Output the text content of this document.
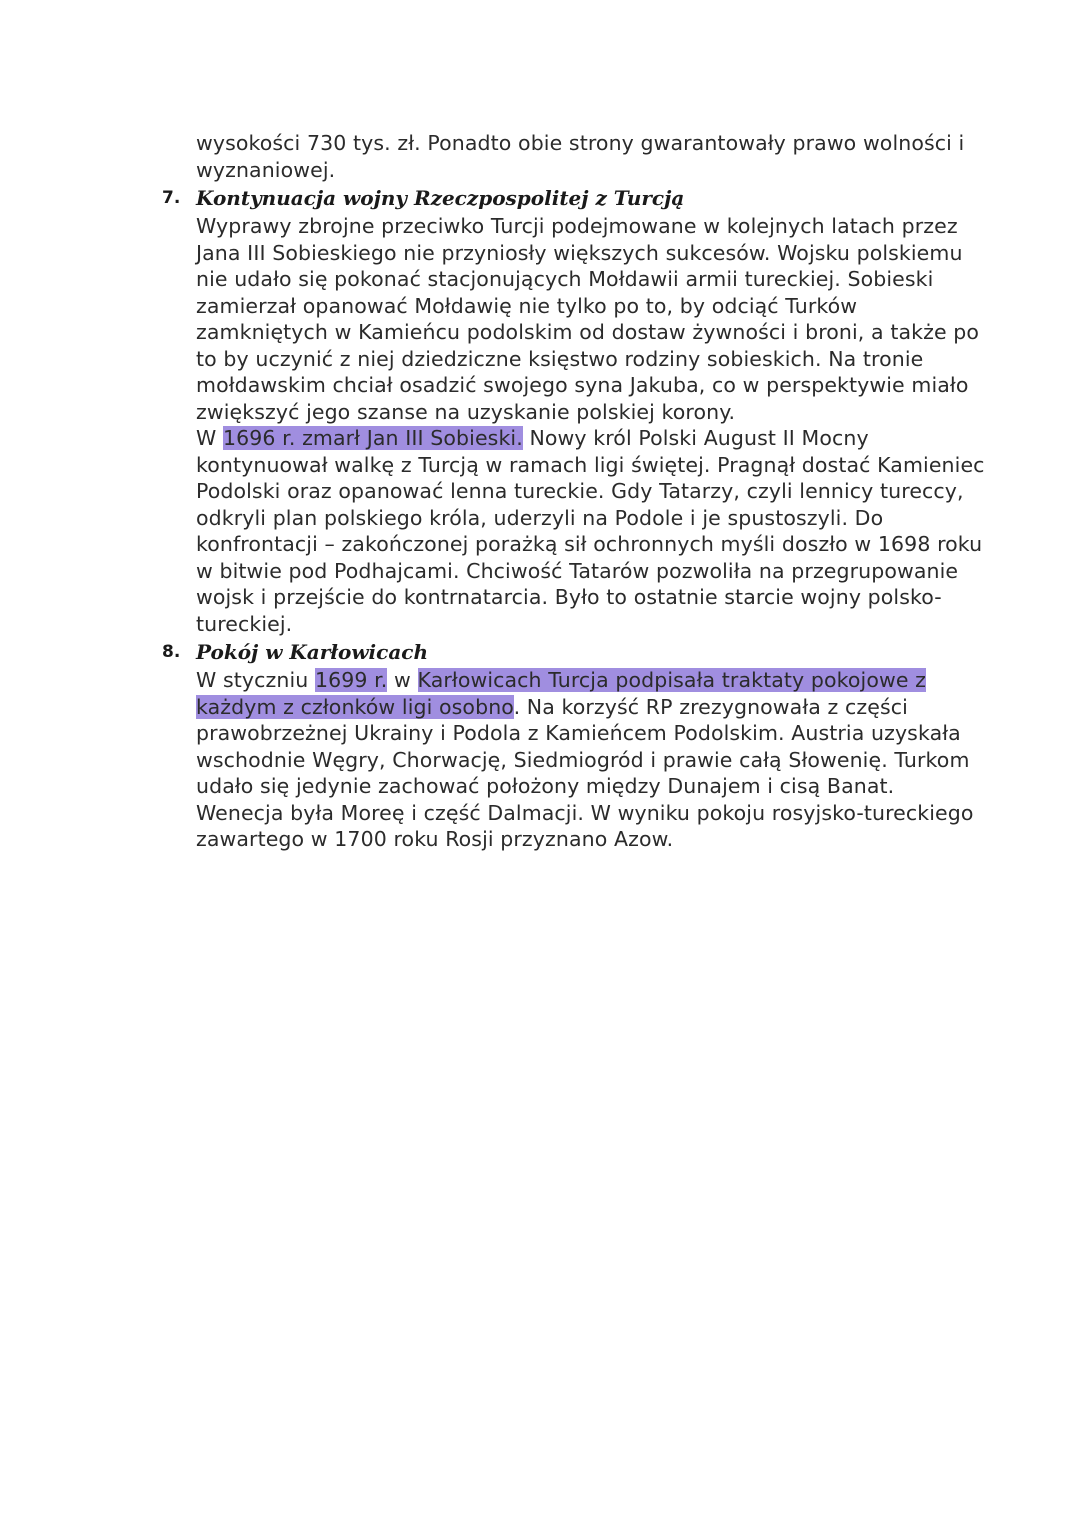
wysokości 730 tys. zł. Ponadto obie strony gwarantowały prawo wolności i wyznaniowej.

7. Kontynuacja wojny Rzeczpospolitej z Turcją

Wyprawy zbrojne przeciwko Turcji podejmowane w kolejnych latach przez Jana III Sobieskiego nie przyniosły większych sukcesów. Wojsku polskiemu nie udało się pokonać stacjonujących Mołdawii armii tureckiej. Sobieski zamierzał opanować Mołdawię nie tylko po to, by odciąć Turków zamkniętych w Kamieńcu podolskim od dostaw żywności i broni, a także po to by uczynić z niej dziedziczne księstwo rodziny sobieskich. Na tronie mołdawskim chciał osadzić swojego syna Jakuba, co w perspektywie miało zwiększyć jego szanse na uzyskanie polskiej korony.

W 1696 r. zmarł Jan III Sobieski. Nowy król Polski August II Mocny kontynuował walkę z Turcją w ramach ligi świętej. Pragnął dostać Kamieniec Podolski oraz opanować lenna tureckie. Gdy Tatarzy, czyli lennicy tureccy, odkryli plan polskiego króla, uderzyli na Podole i je spustoszyli. Do konfrontacji – zakończonej porażką sił ochronnych myśli doszło w 1698 roku w bitwie pod Podhajcami. Chciwość Tatarów pozwoliła na przegrupowanie wojsk i przejście do kontrnatarcia. Było to ostatnie starcie wojny polsko-tureckiej.

8. Pokój w Karłowicach

W styczniu 1699 r. w Karłowicach Turcja podpisała traktaty pokojowe z każdym z członków ligi osobno. Na korzyść RP zrezygnowała z części prawobrzeżnej Ukrainy i Podola z Kamieńcem Podolskim. Austria uzyskała wschodnie Węgry, Chorwację, Siedmiogród i prawie całą Słowenię. Turkom udało się jedynie zachować położony między Dunajem i cisą Banat. Wenecja była Moreę i część Dalmacji. W wyniku pokoju rosyjsko-tureckiego zawartego w 1700 roku Rosji przyznano Azow.
